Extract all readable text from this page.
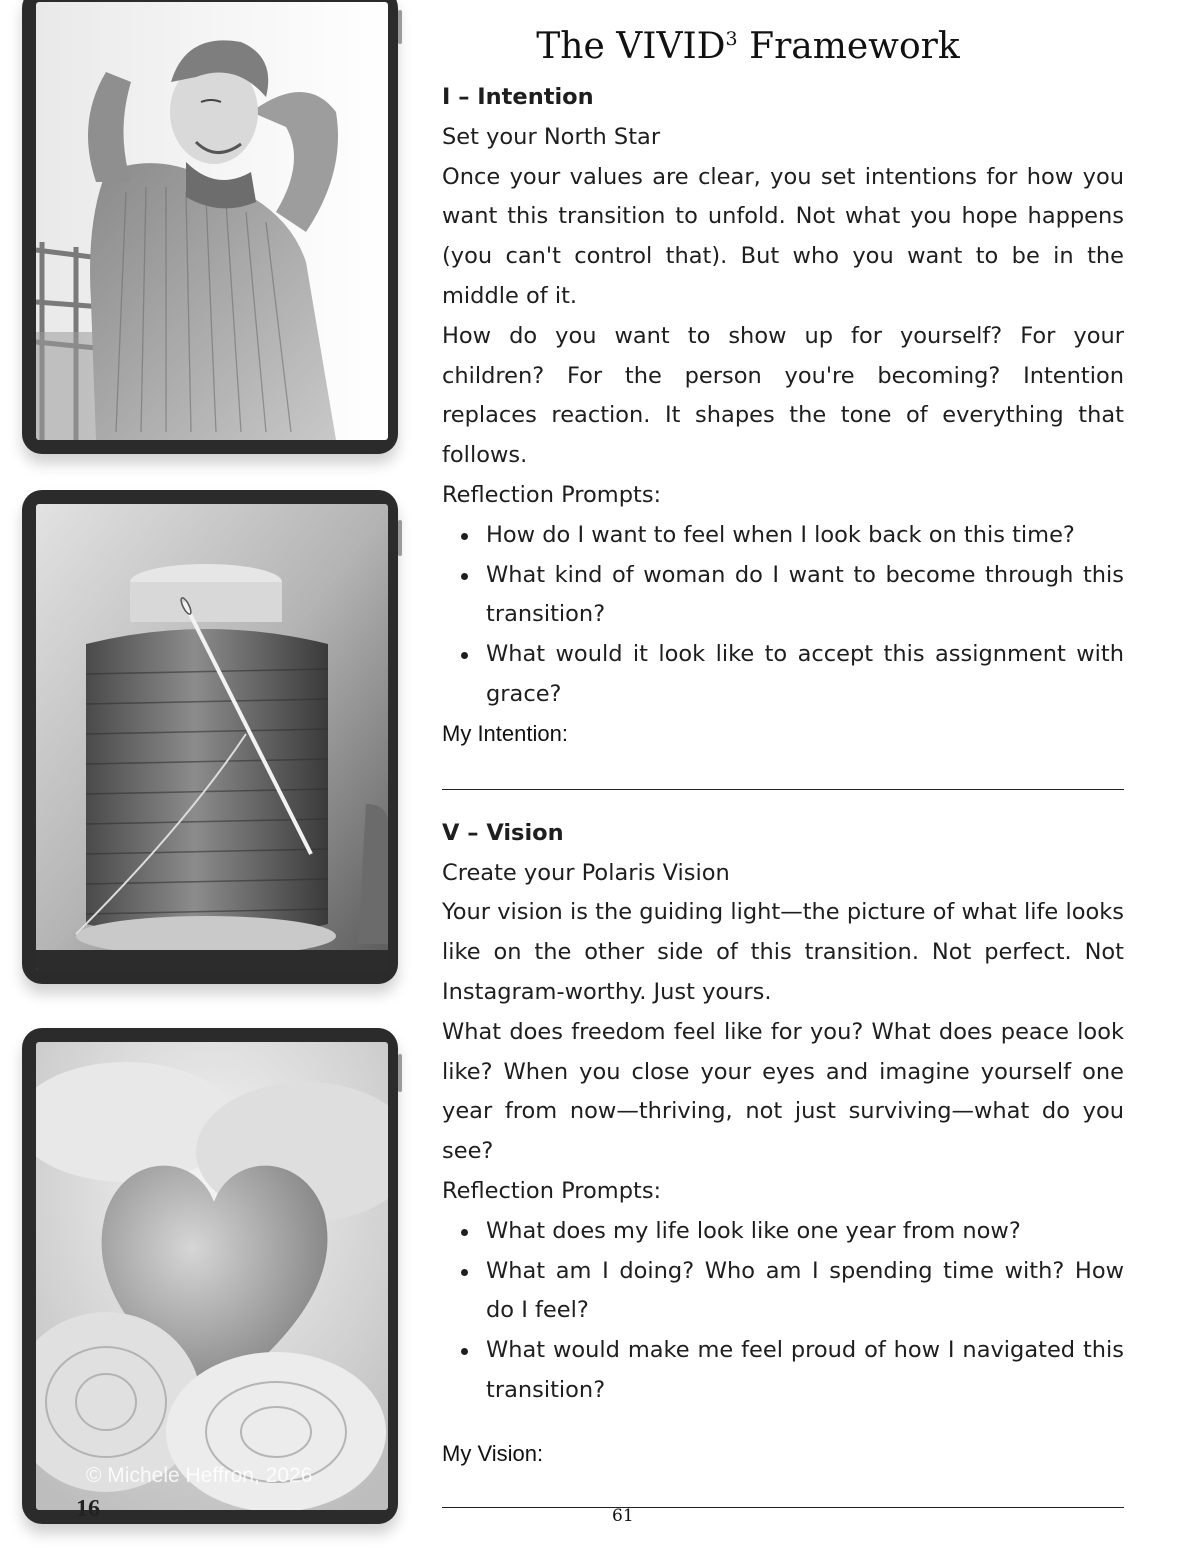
© Michele Heffron, 2026
16
The VIVID$^3$ Framework

I – Intention

Set your North Star

Once your values are clear, you set intentions for how you want this transition to unfold. Not what you hope happens (you can't control that). But who you want to be in the middle of it.

How do you want to show up for yourself? For your children? For the person you're becoming? Intention replaces reaction. It shapes the tone of everything that follows.

Reflection Prompts:

How do I want to feel when I look back on this time?
What kind of woman do I want to become through this transition?
What would it look like to accept this assignment with grace?

My Intention:

V – Vision

Create your Polaris Vision

Your vision is the guiding light—the picture of what life looks like on the other side of this transition. Not perfect. Not Instagram-worthy. Just yours.

What does freedom feel like for you? What does peace look like? When you close your eyes and imagine yourself one year from now—thriving, not just surviving—what do you see?

Reflection Prompts:

What does my life look like one year from now?
What am I doing? Who am I spending time with? How do I feel?
What would make me feel proud of how I navigated this transition?

My Vision:

61
